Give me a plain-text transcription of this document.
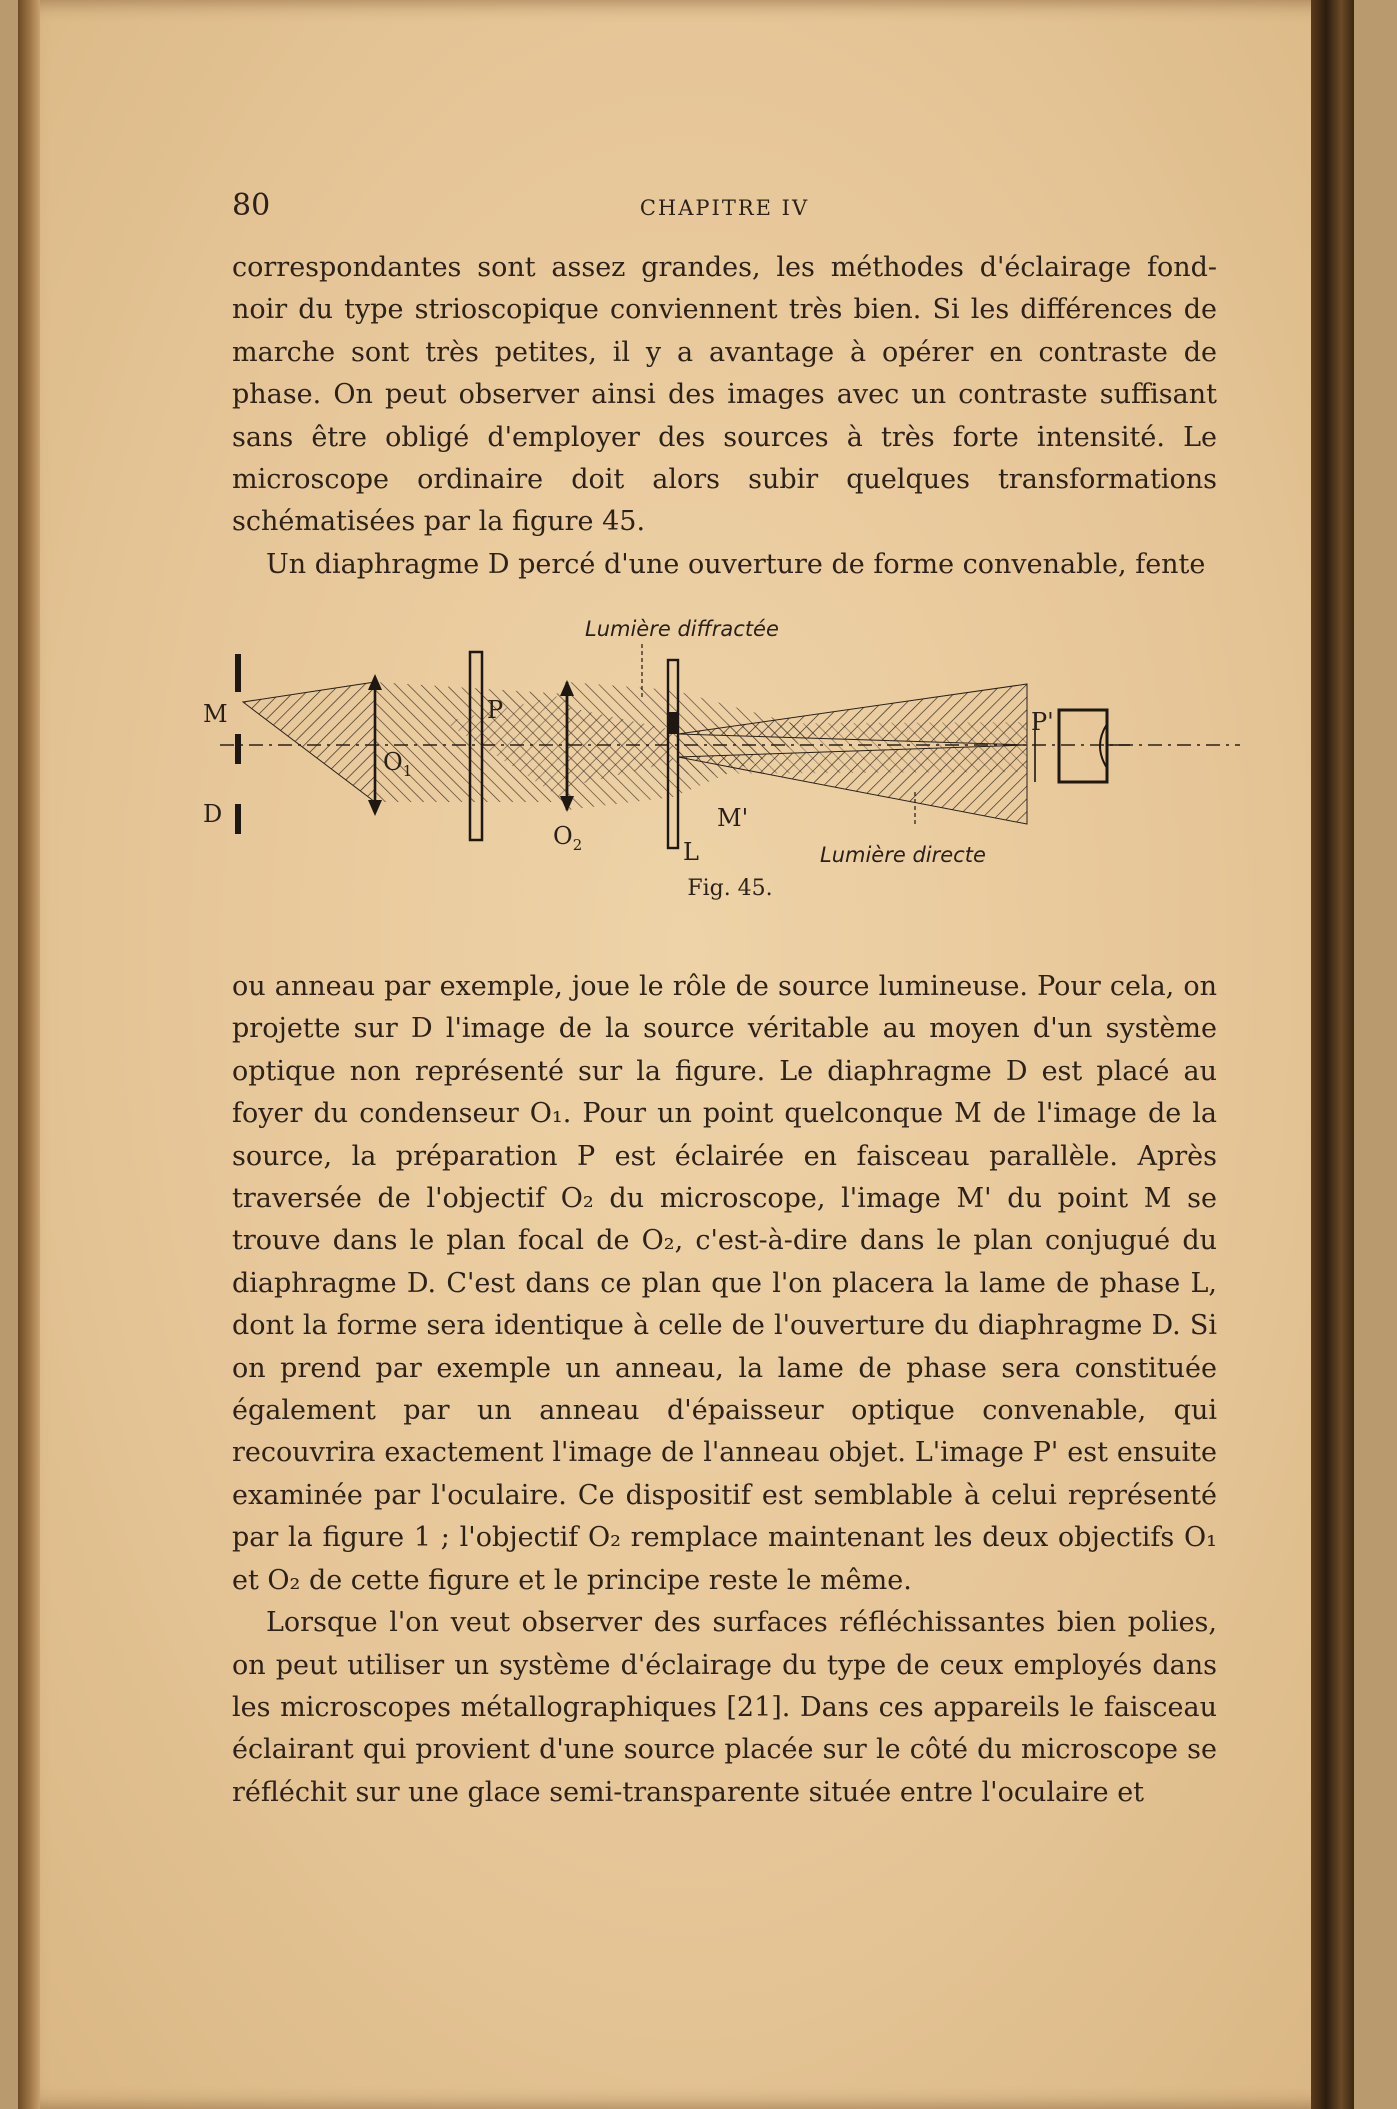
80	CHAPITRE IV

correspondantes sont assez grandes, les méthodes d'éclairage fond-noir du type strioscopique conviennent très bien. Si les différences de marche sont très petites, il y a avantage à opérer en contraste de phase. On peut observer ainsi des images avec un contraste suffisant sans être obligé d'employer des sources à très forte intensité. Le microscope ordinaire doit alors subir quelques transformations schématisées par la figure 45.

Un diaphragme D percé d'une ouverture de forme convenable, fente

Lumière diffractée
Lumière directe
M
D
$O_1$
P
$O_2$	L
M'
P'
Fig. 45.

ou anneau par exemple, joue le rôle de source lumineuse. Pour cela, on projette sur D l'image de la source véritable au moyen d'un système optique non représenté sur la figure. Le diaphragme D est placé au foyer du condenseur O₁. Pour un point quelconque M de l'image de la source, la préparation P est éclairée en faisceau parallèle. Après traversée de l'objectif O₂ du microscope, l'image M' du point M se trouve dans le plan focal de O₂, c'est-à-dire dans le plan conjugué du diaphragme D. C'est dans ce plan que l'on placera la lame de phase L, dont la forme sera identique à celle de l'ouverture du diaphragme D. Si on prend par exemple un anneau, la lame de phase sera constituée également par un anneau d'épaisseur optique convenable, qui recouvrira exactement l'image de l'anneau objet. L'image P' est ensuite examinée par l'oculaire. Ce dispositif est semblable à celui représenté par la figure 1 ; l'objectif O₂ remplace maintenant les deux objectifs O₁ et O₂ de cette figure et le principe reste le même.

Lorsque l'on veut observer des surfaces réfléchissantes bien polies, on peut utiliser un système d'éclairage du type de ceux employés dans les microscopes métallographiques [21]. Dans ces appareils le faisceau éclairant qui provient d'une source placée sur le côté du microscope se réfléchit sur une glace semi-transparente située entre l'oculaire et
